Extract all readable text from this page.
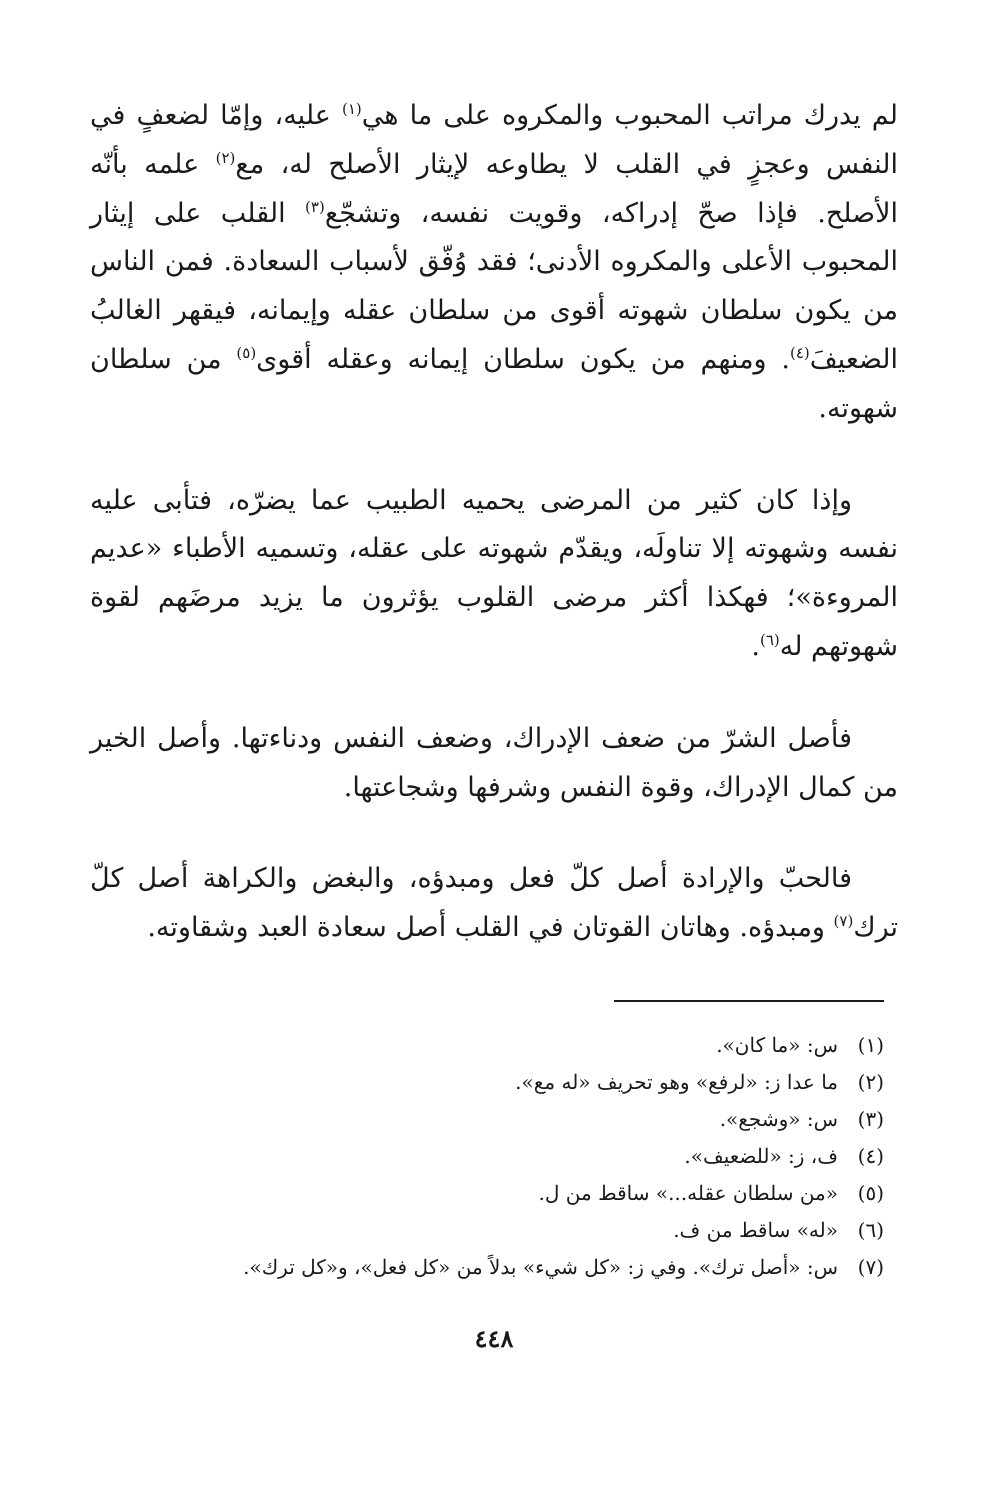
لم يدرك مراتب المحبوب والمكروه على ما هي$^{(١)}$ عليه، وإمّا لضعفٍ في النفس وعجزٍ في القلب لا يطاوعه لإيثار الأصلح له، مع$^{(٢)}$ علمه بأنّه الأصلح. فإذا صحّ إدراكه، وقويت نفسه، وتشجّع$^{(٣)}$ القلب على إيثار المحبوب الأعلى والمكروه الأدنى؛ فقد وُفّق لأسباب السعادة. فمن الناس من يكون سلطان شهوته أقوى من سلطان عقله وإيمانه، فيقهر الغالبُ الضعيفَ$^{(٤)}$. ومنهم من يكون سلطان إيمانه وعقله أقوى$^{(٥)}$ من سلطان شهوته.

وإذا كان كثير من المرضى يحميه الطبيب عما يضرّه، فتأبى عليه نفسه وشهوته إلا تناولَه، ويقدّم شهوته على عقله، وتسميه الأطباء «عديم المروءة»؛ فهكذا أكثر مرضى القلوب يؤثرون ما يزيد مرضَهم لقوة شهوتهم له$^{(٦)}$.

فأصل الشرّ من ضعف الإدراك، وضعف النفس ودناءتها. وأصل الخير من كمال الإدراك، وقوة النفس وشرفها وشجاعتها.

فالحبّ والإرادة أصل كلّ فعل ومبدؤه، والبغض والكراهة أصل كلّ ترك$^{(٧)}$ ومبدؤه. وهاتان القوتان في القلب أصل سعادة العبد وشقاوته.

(١)س: «ما كان».
(٢)ما عدا ز: «لرفع» وهو تحريف «له مع».
(٣)س: «وشجع».
(٤)ف، ز: «للضعيف».
(٥)«من سلطان عقله...» ساقط من ل.
(٦)«له» ساقط من ف.
(٧)س: «أصل ترك». وفي ز: «كل شيء» بدلاً من «كل فعل»، و«كل ترك».
٤٤٨
